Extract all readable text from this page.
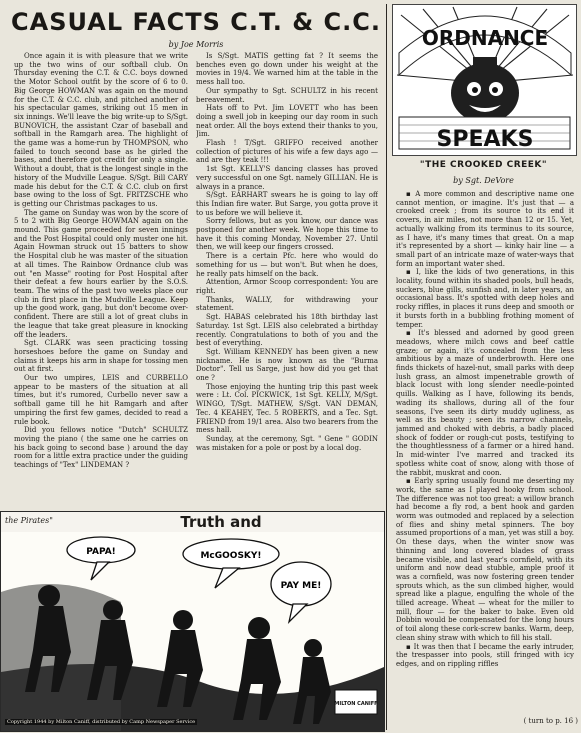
CASUAL FACTS C.T. & C.C.
by Joe Morris

Once again it is with pleasure that we write up the two wins of our softball club. On Thursday evening the C.T. & C.C. boys downed the Motor School outfit by the score of 6 to 0. Big George HOWMAN was again on the mound for the C.T. & C.C. club, and pitched another of his spectacular games, striking out 15 men in six innings. We'll leave the big write-up to S/Sgt. BUNOVICH, the assistant Czar of baseball and softball in the Ramgarh area. The highlight of the game was a home-run by THOMPSON, who failed to touch second base as he girled the bases, and therefore got credit for only a single. Without a doubt, that is the longest single in the history of the Mudville League. S/Sgt. Bill CARY made his debut for the C.T. & C.C. club on first base owing to the loss of Sgt. FRITZSCHE who is getting our Christmas packages to us.

The game on Sunday was won by the score of 5 to 2 with Big George HOWMAN again on the mound. This game proceeded for seven innings and the Post Hospital could only muster one hit. Again Howman struck out 15 batters to show the Hospital club he was master of the situation at all times. The Rainbow Ordnance club was out "en Masse" rooting for Post Hospital after their defeat a few hours earlier by the S.O.S. team. The wins of the past two weeks place our club in first place in the Mudville League. Keep up the good work, gang, but don't become over-confident. There are still a lot of great clubs in the league that take great pleasure in knocking off the leaders.

Sgt. CLARK was seen practicing tossing horseshoes before the game on Sunday and claims it keeps his arm in shape for tossing men out at first.

Our two umpires, LEIS and CURBELLO appear to be masters of the situation at all times, but it's rumored, Curbello never saw a softball game till he hit Ramgarh and after umpiring the first few games, decided to read a rule book.

Did you fellows notice "Dutch" SCHULTZ moving the piano ( the same one he carries on his back going to second base ) around the day room for a little extra practice under the guiding teachings of "Tex" LINDEMAN ?

Is S/Sgt. MATIS getting fat ? It seems the benches even go down under his weight at the movies in 19/4. We warned him at the table in the mess hall too.

Our sympathy to Sgt. SCHULTZ in his recent bereavement.

Hats off to Pvt. Jim LOVETT who has been doing a swell job in keeping our day room in such neat order. All the boys extend their thanks to you, Jim.

Flash ! T/Sgt. GRIFFO received another collection of pictures of his wife a few days ago — and are they teak !!!

1st Sgt. KELLY'S dancing classes has proved very successful on one Sgt. namely GILLIAN. He is always in a prance.

S/Sgt. EARHART swears he is going to lay off this Indian fire water. But Sarge, you gotta prove it to us before we will believe it.

Sorry fellows, but as you know, our dance was postponed for another week. We hope this time to have it this coming Monday, November 27. Until then, we will keep our fingers crossed.

There is a certain Pfc. here who would do something for us — but won't. But when he does, he really pats himself on the back.

Attention, Armor Scoop correspondent: You are right.

Thanks, WALLY, for withdrawing your statement.

Sgt. HABAS celebrated his 18th birthday last Saturday. 1st Sgt. LEIS also celebrated a birthday recently. Congratulations to both of you and the best of everything.

Sgt. William KENNEDY has been given a new nickname. He is now known as the "Burma Doctor". Tell us Sarge, just how did you get that one ?

Those enjoying the hunting trip this past week were : Lt. Col. PICKWICK, 1st Sgt. KELLY, M/Sgt. WINGO, T/Sgt. MATHEW, S/Sgt. VAN DEMAN, Tec. 4 KEAHEY, Tec. 5 ROBERTS, and a Tec. Sgt. FRIEND from 19/1 area. Also two bearers from the mess hall.

Sunday, at the ceremony, Sgt. " Gene " GODIN was mistaken for a pole or post by a local dog.

ORDNANCE
SPEAKS
"THE CROOKED CREEK"
by Sgt. DeVore

▪ A more common and descriptive name one cannot mention, or imagine. It's just that — a crooked creek ; from its source to its end it covers, in air miles, not more than 12 or 15. Yet, actually walking from its terminus to its source, as I have, it's many times that great. On a map it's represented by a short — kinky hair line — a small part of an intricate maze of water-ways that form an important water shed.

▪ I, like the kids of two generations, in this locality, found within its shaded pools, bull heads, suckers, blue gills, sunfish and, in later years, an occasional bass. It's spotted with deep holes and rocky riffles, in places it runs deep and smooth or it bursts forth in a bubbling frothing moment of temper.

▪ It's blessed and adorned by good green meadows, where milch cows and beef cattle graze; or again, it's concealed from the less ambitious by a maze of underbrowth. Here one finds thickets of hazel-nut, small parks with deep lush grass, an almost impenetrable growth of black locust with long slender needle-pointed quills. Walking as I have, following its bends, wading its shallows, during all of the four seasons, I've seen its dirty muddy ugliness, as well as its beauty ; seen its narrow channels, jammed and choked with debris, a badly placed shock of fodder or rough-cut posts, testifying to the thoughtlessness of a farmer or a hired hand. In mid-winter I've marred and tracked its spotless white coat of snow, along with those of the rabbit, muskrat and coon.

▪ Early spring usually found me deserting my work, the same as I played hooky from school. The difference was not too great: a willow branch had become a fly rod, a bent hook and garden worm was outmoded and replaced by a selection of flies and shiny metal spinners. The boy assumed proportions of a man, yet was still a boy. On these days, when the winter snow was thinning and long covered blades of grass became visible, and last year's cornfield, with its uniform and now dead stubble, ample proof it was a cornfield, was now fostering green tender sprouts which, as the sun climbed higher, would spread like a plague, engulfing the whole of the tilled acreage. Wheat — wheat for the miller to mill, flour — for the baker to bake. Even old Dobbin would be compensated for the long hours of toil along these cork-screw banks. Warm, deep, clean shiny straw with which to fill his stall.

▪ It was then that I became the early intruder, the trespasser into pools, still fringed with icy edges, and on rippling riffles

( turn to p. 16 )
the Pirates"	Truth and
PAPA!	McGOOSKY!
PAY ME!
MILTON CANIFF
Copyright 1944 by Milton Caniff, distributed by Camp Newspaper Service
